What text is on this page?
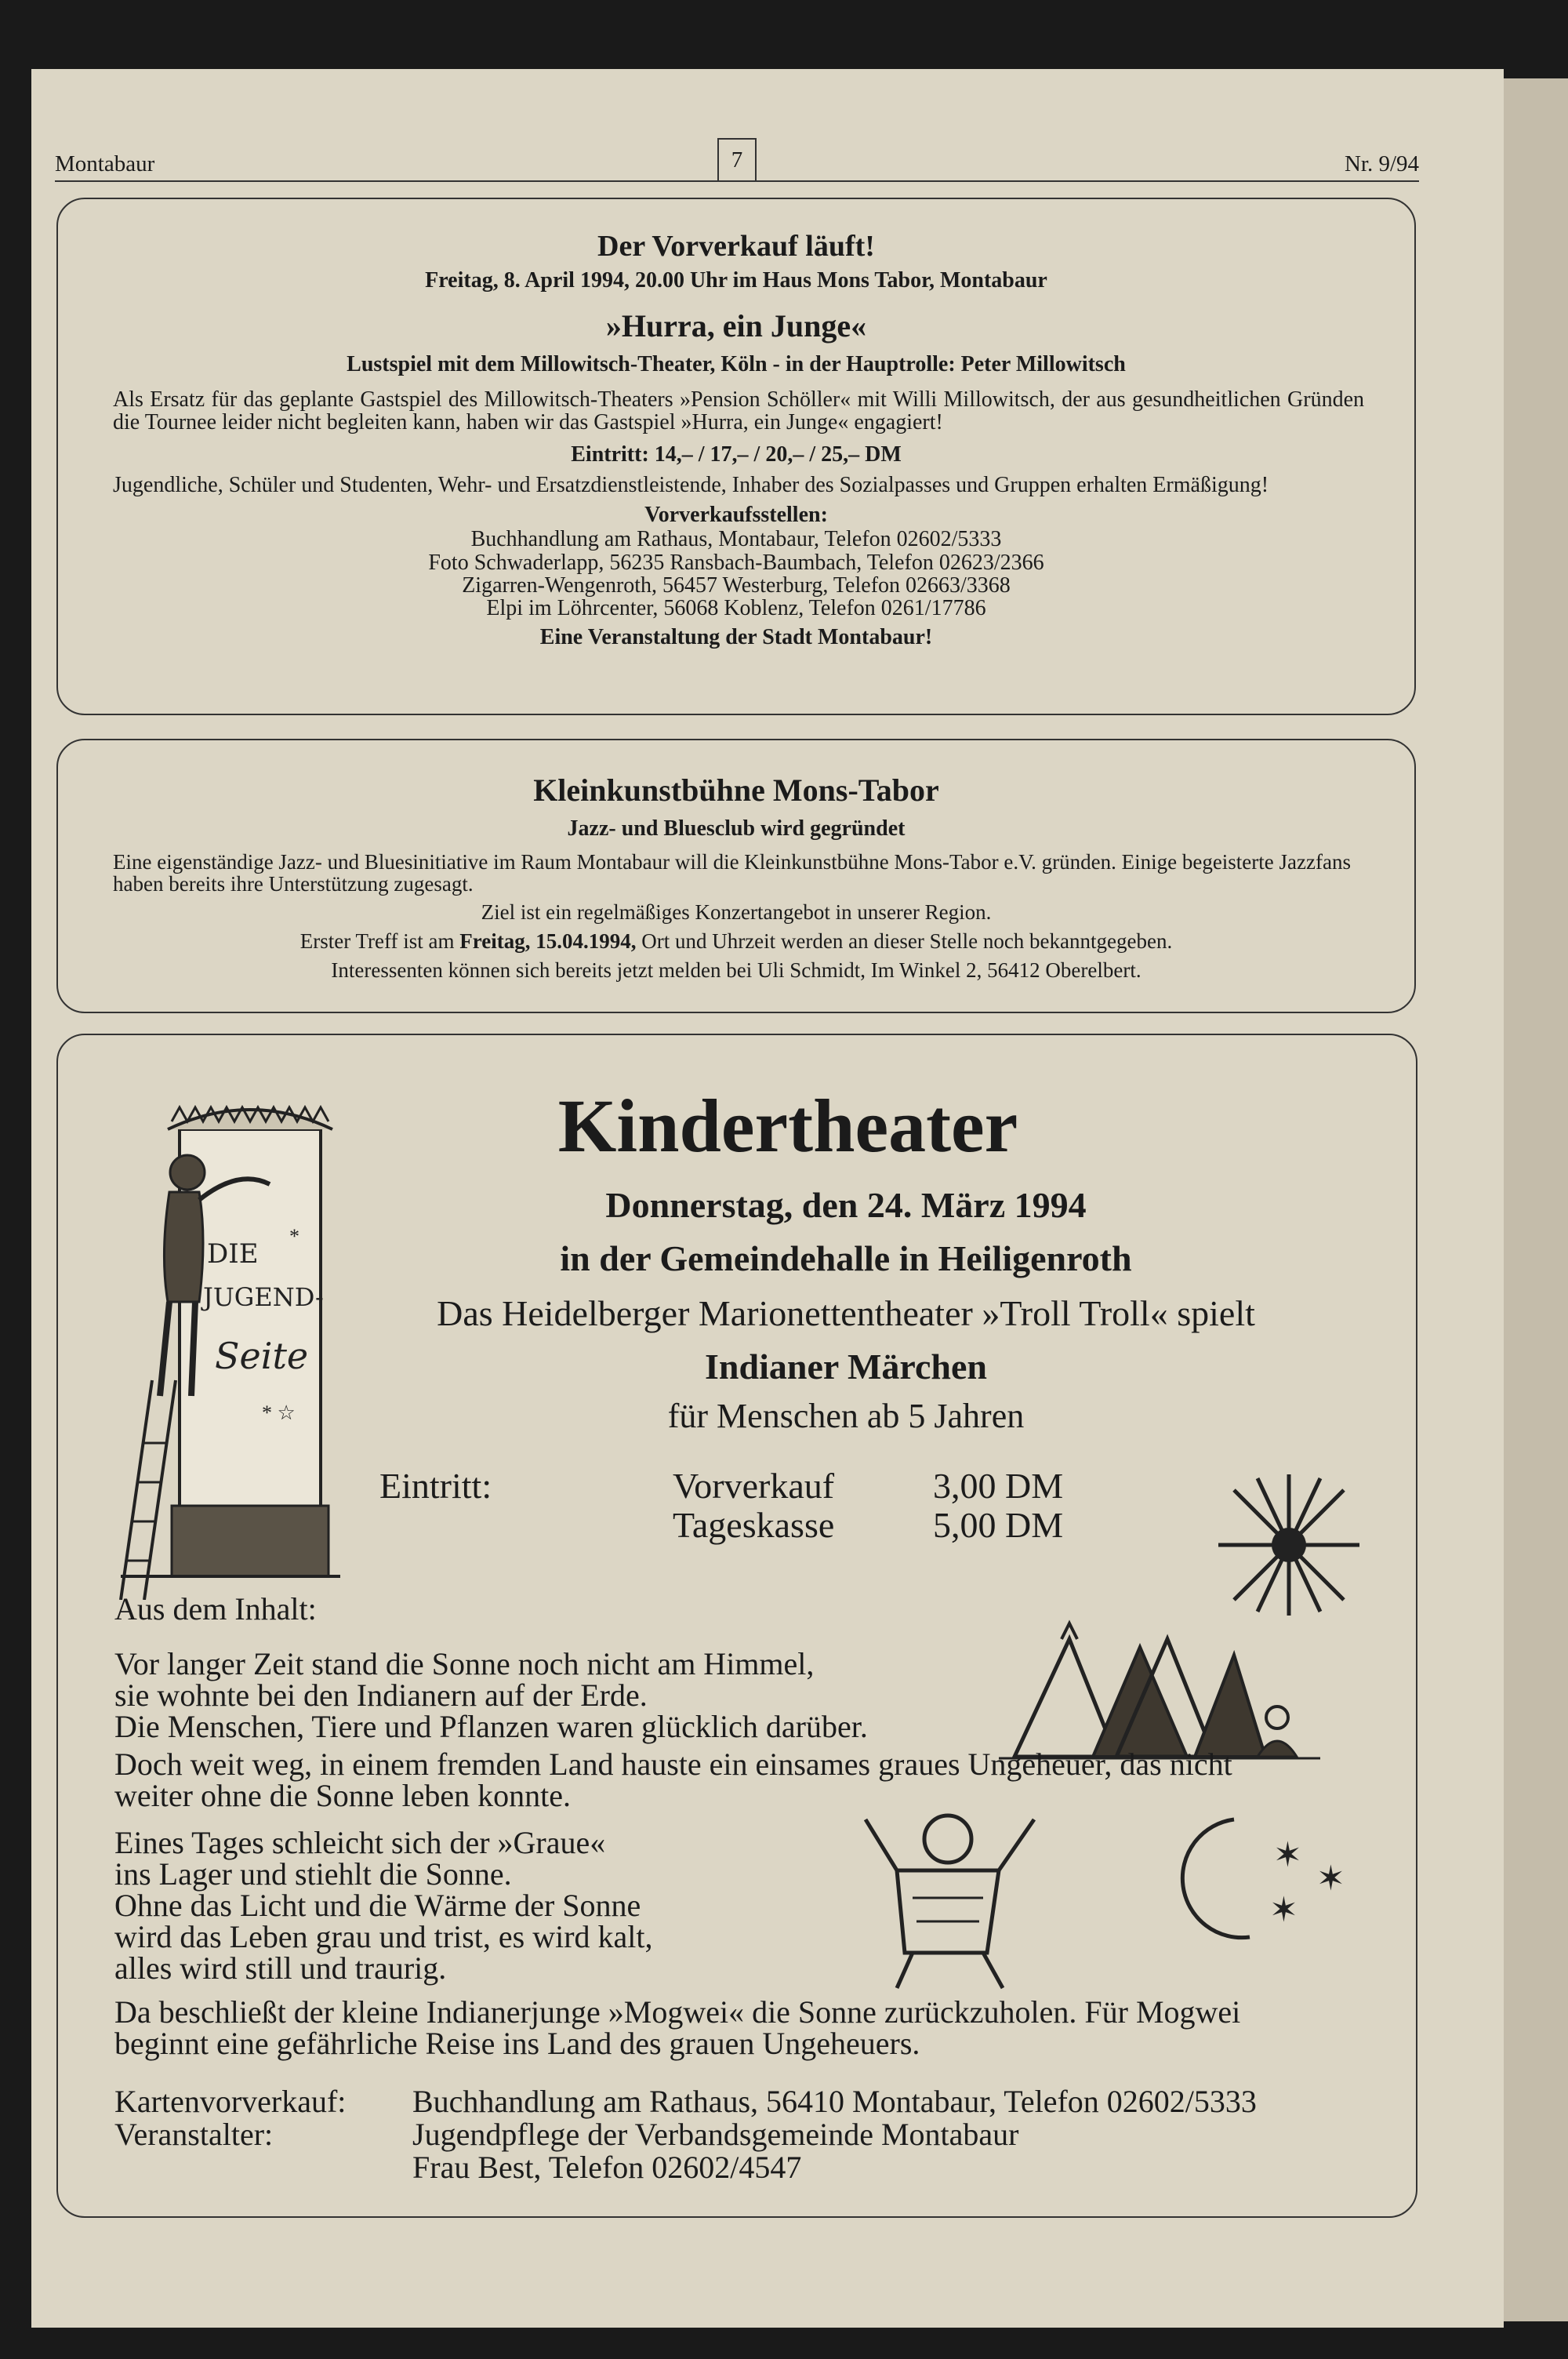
Montabaur	7	Nr. 9/94
Der Vorverkauf läuft!
Freitag, 8. April 1994, 20.00 Uhr im Haus Mons Tabor, Montabaur
»Hurra, ein Junge«
Lustspiel mit dem Millowitsch-Theater, Köln - in der Hauptrolle: Peter Millowitsch
Als Ersatz für das geplante Gastspiel des Millowitsch-Theaters »Pension Schöller« mit Willi Millowitsch, der aus gesundheitlichen Gründen die Tournee leider nicht begleiten kann, haben wir das Gastspiel »Hurra, ein Junge« engagiert!
Eintritt: 14,– / 17,– / 20,– / 25,– DM
Jugendliche, Schüler und Studenten, Wehr- und Ersatzdienstleistende, Inhaber des Sozialpasses und Gruppen erhalten Ermäßigung!
Vorverkaufsstellen:
Buchhandlung am Rathaus, Montabaur, Telefon 02602/5333
Foto Schwaderlapp, 56235 Ransbach-Baumbach, Telefon 02623/2366
Zigarren-Wengenroth, 56457 Westerburg, Telefon 02663/3368
Elpi im Löhrcenter, 56068 Koblenz, Telefon 0261/17786
Eine Veranstaltung der Stadt Montabaur!
Kleinkunstbühne Mons-Tabor
Jazz- und Bluesclub wird gegründet
Eine eigenständige Jazz- und Bluesinitiative im Raum Montabaur will die Kleinkunstbühne Mons-Tabor e.V. gründen. Einige begeisterte Jazzfans haben bereits ihre Unterstützung zugesagt.
Ziel ist ein regelmäßiges Konzertangebot in unserer Region.
Erster Treff ist am Freitag, 15.04.1994, Ort und Uhrzeit werden an dieser Stelle noch bekanntgegeben.
Interessenten können sich bereits jetzt melden bei Uli Schmidt, Im Winkel 2, 56412 Oberelbert.
DIE
JUGEND-
Seite
*
* ☆
Kindertheater
Donnerstag, den 24. März 1994
in der Gemeindehalle in Heiligenroth
Das Heidelberger Marionettentheater »Troll Troll« spielt
Indianer Märchen
für Menschen ab 5 Jahren
Eintritt:	Vorverkauf	3,00 DM
Tageskasse	5,00 DM
✶
✶
✶
Aus dem Inhalt:
Vor langer Zeit stand die Sonne noch nicht am Himmel,
sie wohnte bei den Indianern auf der Erde.
Die Menschen, Tiere und Pflanzen waren glücklich darüber.
Doch weit weg, in einem fremden Land hauste ein einsames graues Ungeheuer, das nicht
weiter ohne die Sonne leben konnte.
Eines Tages schleicht sich der »Graue«
ins Lager und stiehlt die Sonne.
Ohne das Licht und die Wärme der Sonne
wird das Leben grau und trist, es wird kalt,
alles wird still und traurig.
Da beschließt der kleine Indianerjunge »Mogwei« die Sonne zurückzuholen. Für Mogwei
beginnt eine gefährliche Reise ins Land des grauen Ungeheuers.
Kartenvorverkauf: Buchhandlung am Rathaus, 56410 Montabaur, Telefon 02602/5333
Veranstalter:	Jugendpflege der Verbandsgemeinde Montabaur
Frau Best, Telefon 02602/4547
